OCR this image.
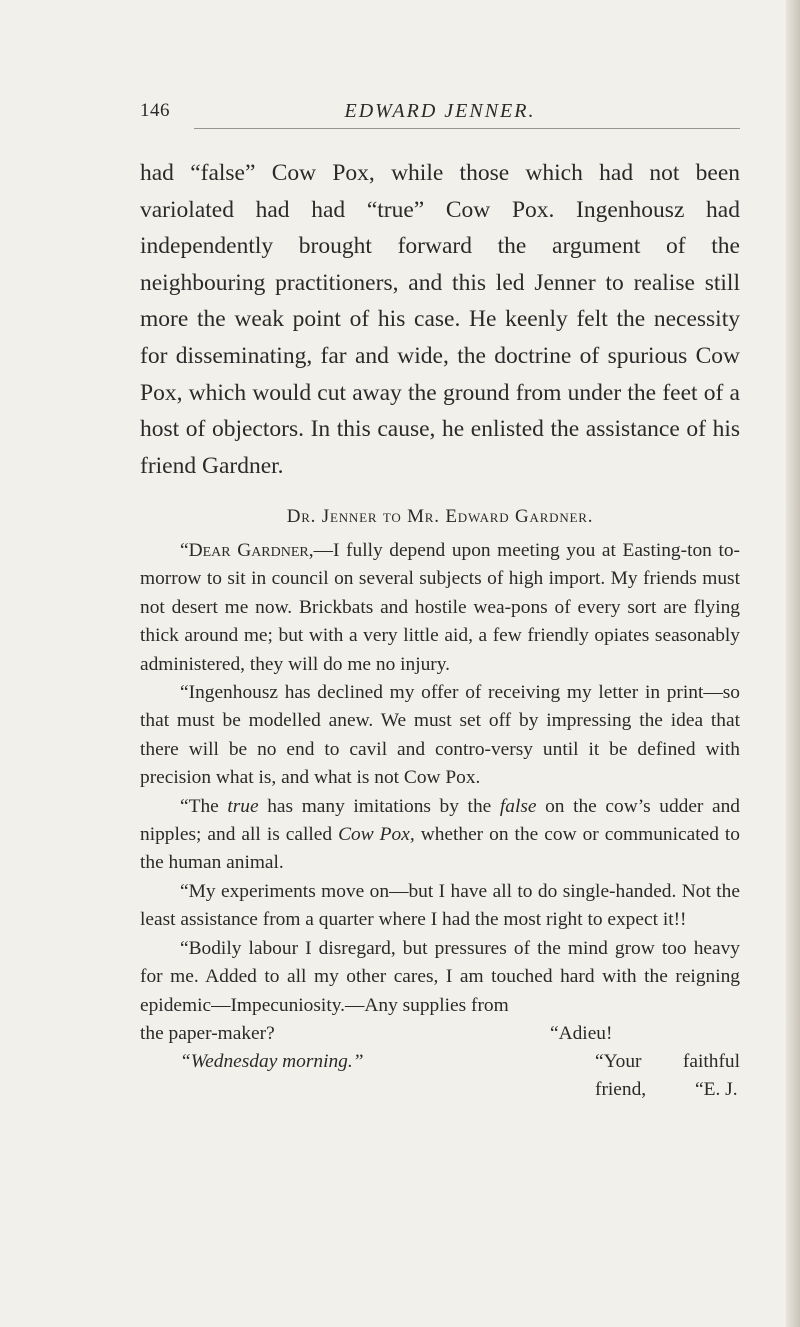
146	EDWARD JENNER.

had “false” Cow Pox, while those which had not been variolated had had “true” Cow Pox. Ingenhousz had independently brought forward the argument of the neighbouring practitioners, and this led Jenner to realise still more the weak point of his case. He keenly felt the necessity for disseminating, far and wide, the doctrine of spurious Cow Pox, which would cut away the ground from under the feet of a host of objectors. In this cause, he enlisted the assistance of his friend Gardner.

Dr. Jenner to Mr. Edward Gardner.

“Dear Gardner,—I fully depend upon meeting you at Easting-ton to-morrow to sit in council on several subjects of high import. My friends must not desert me now. Brickbats and hostile wea-pons of every sort are flying thick around me; but with a very little aid, a few friendly opiates seasonably administered, they will do me no injury.

“Ingenhousz has declined my offer of receiving my letter in print—so that must be modelled anew. We must set off by impressing the idea that there will be no end to cavil and contro-versy until it be defined with precision what is, and what is not Cow Pox.

“The true has many imitations by the false on the cow’s udder and nipples; and all is called Cow Pox, whether on the cow or communicated to the human animal.

“My experiments move on—but I have all to do single-handed. Not the least assistance from a quarter where I had the most right to expect it!!

“Bodily labour I disregard, but pressures of the mind grow too heavy for me. Added to all my other cares, I am touched hard with the reigning epidemic—Impecuniosity.—Any supplies from

the paper-maker?	“Adieu!
“Wednesday morning.”	“Your faithful friend,	“E. J.
